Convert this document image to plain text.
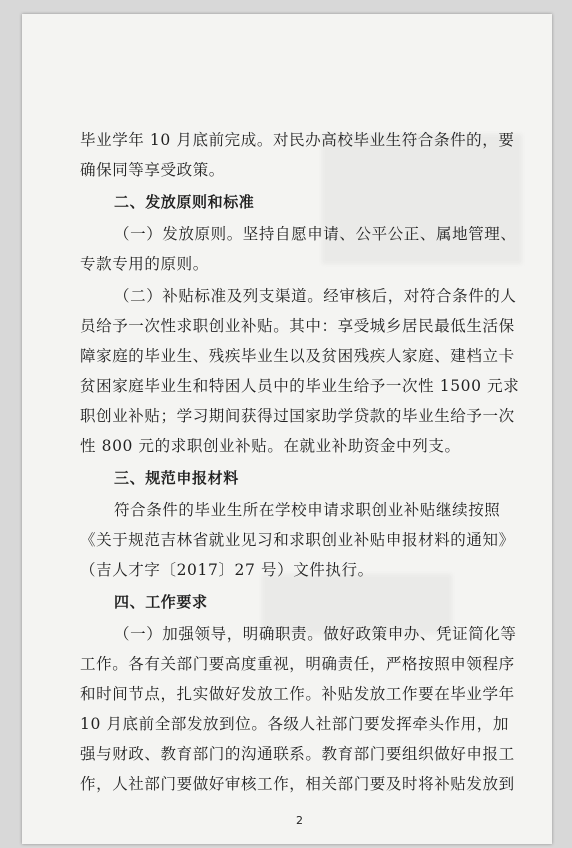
毕业学年 10 月底前完成。对民办高校毕业生符合条件的，要
确保同等享受政策。
二、发放原则和标准
（一）发放原则。坚持自愿申请、公平公正、属地管理、
专款专用的原则。
（二）补贴标准及列支渠道。经审核后，对符合条件的人
员给予一次性求职创业补贴。其中：享受城乡居民最低生活保
障家庭的毕业生、残疾毕业生以及贫困残疾人家庭、建档立卡
贫困家庭毕业生和特困人员中的毕业生给予一次性 1500 元求
职创业补贴；学习期间获得过国家助学贷款的毕业生给予一次
性 800 元的求职创业补贴。在就业补助资金中列支。
三、规范申报材料
符合条件的毕业生所在学校申请求职创业补贴继续按照
《关于规范吉林省就业见习和求职创业补贴申报材料的通知》
（吉人才字〔2017〕27 号）文件执行。
四、工作要求
（一）加强领导，明确职责。做好政策申办、凭证简化等
工作。各有关部门要高度重视，明确责任，严格按照申领程序
和时间节点，扎实做好发放工作。补贴发放工作要在毕业学年
10 月底前全部发放到位。各级人社部门要发挥牵头作用，加
强与财政、教育部门的沟通联系。教育部门要组织做好申报工
作，人社部门要做好审核工作，相关部门要及时将补贴发放到
2
